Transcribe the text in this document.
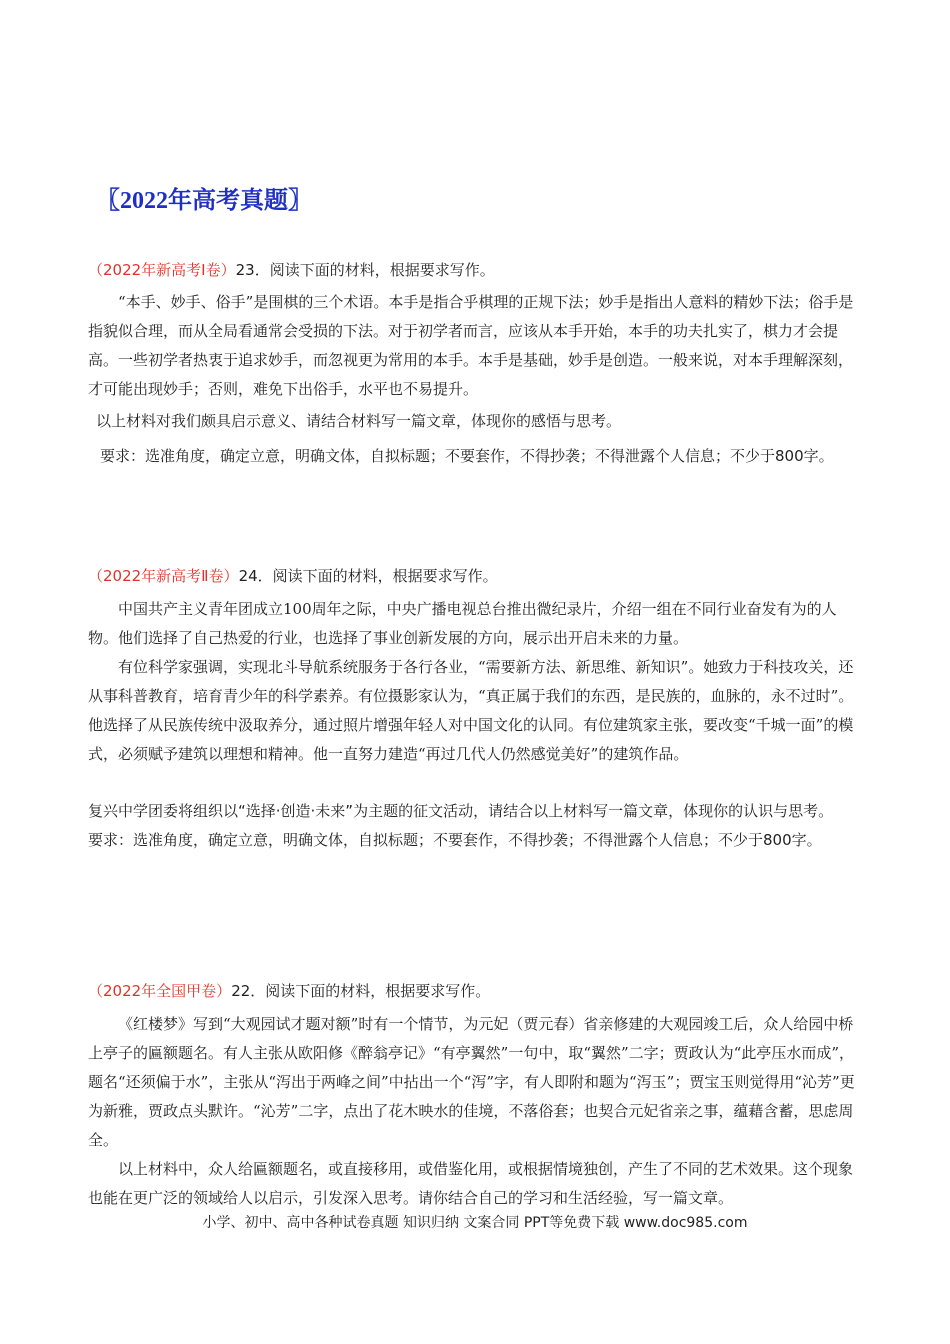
〖2022年高考真题〗
（2022年新高考Ⅰ卷）23．阅读下面的材料，根据要求写作。

“本手、妙手、俗手”是围棋的三个术语。本手是指合乎棋理的正规下法；妙手是指出人意料的精妙下法；俗手是指貌似合理，而从全局看通常会受损的下法。对于初学者而言，应该从本手开始，本手的功夫扎实了，棋力才会提高。一些初学者热衷于追求妙手，而忽视更为常用的本手。本手是基础，妙手是创造。一般来说，对本手理解深刻，才可能出现妙手；否则，难免下出俗手，水平也不易提升。

以上材料对我们颇具启示意义、请结合材料写一篇文章，体现你的感悟与思考。

要求：选准角度，确定立意，明确文体，自拟标题；不要套作，不得抄袭；不得泄露个人信息；不少于800字。

（2022年新高考Ⅱ卷）24．阅读下面的材料，根据要求写作。

中国共产主义青年团成立100周年之际，中央广播电视总台推出微纪录片，介绍一组在不同行业奋发有为的人物。他们选择了自己热爱的行业，也选择了事业创新发展的方向，展示出开启未来的力量。

有位科学家强调，实现北斗导航系统服务于各行各业，“需要新方法、新思维、新知识”。她致力于科技攻关，还从事科普教育，培育青少年的科学素养。有位摄影家认为，“真正属于我们的东西，是民族的，血脉的，永不过时”。他选择了从民族传统中汲取养分，通过照片增强年轻人对中国文化的认同。有位建筑家主张，要改变“千城一面”的模式，必须赋予建筑以理想和精神。他一直努力建造“再过几代人仍然感觉美好”的建筑作品。

复兴中学团委将组织以“选择·创造·未来”为主题的征文活动，请结合以上材料写一篇文章，体现你的认识与思考。

要求：选准角度，确定立意，明确文体，自拟标题；不要套作，不得抄袭；不得泄露个人信息；不少于800字。

（2022年全国甲卷）22．阅读下面的材料，根据要求写作。

《红楼梦》写到“大观园试才题对额”时有一个情节，为元妃（贾元春）省亲修建的大观园竣工后，众人给园中桥上亭子的匾额题名。有人主张从欧阳修《醉翁亭记》“有亭翼然”一句中，取“翼然”二字；贾政认为“此亭压水而成”，题名“还须偏于水”，主张从“泻出于两峰之间”中拈出一个“泻”字，有人即附和题为“泻玉”；贾宝玉则觉得用“沁芳”更为新雅，贾政点头默许。“沁芳”二字，点出了花木映水的佳境，不落俗套；也契合元妃省亲之事，蕴藉含蓄，思虑周全。

以上材料中，众人给匾额题名，或直接移用，或借鉴化用，或根据情境独创，产生了不同的艺术效果。这个现象也能在更广泛的领域给人以启示，引发深入思考。请你结合自己的学习和生活经验，写一篇文章。

小学、初中、高中各种试卷真题 知识归纳 文案合同 PPT等免费下载 www.doc985.com
